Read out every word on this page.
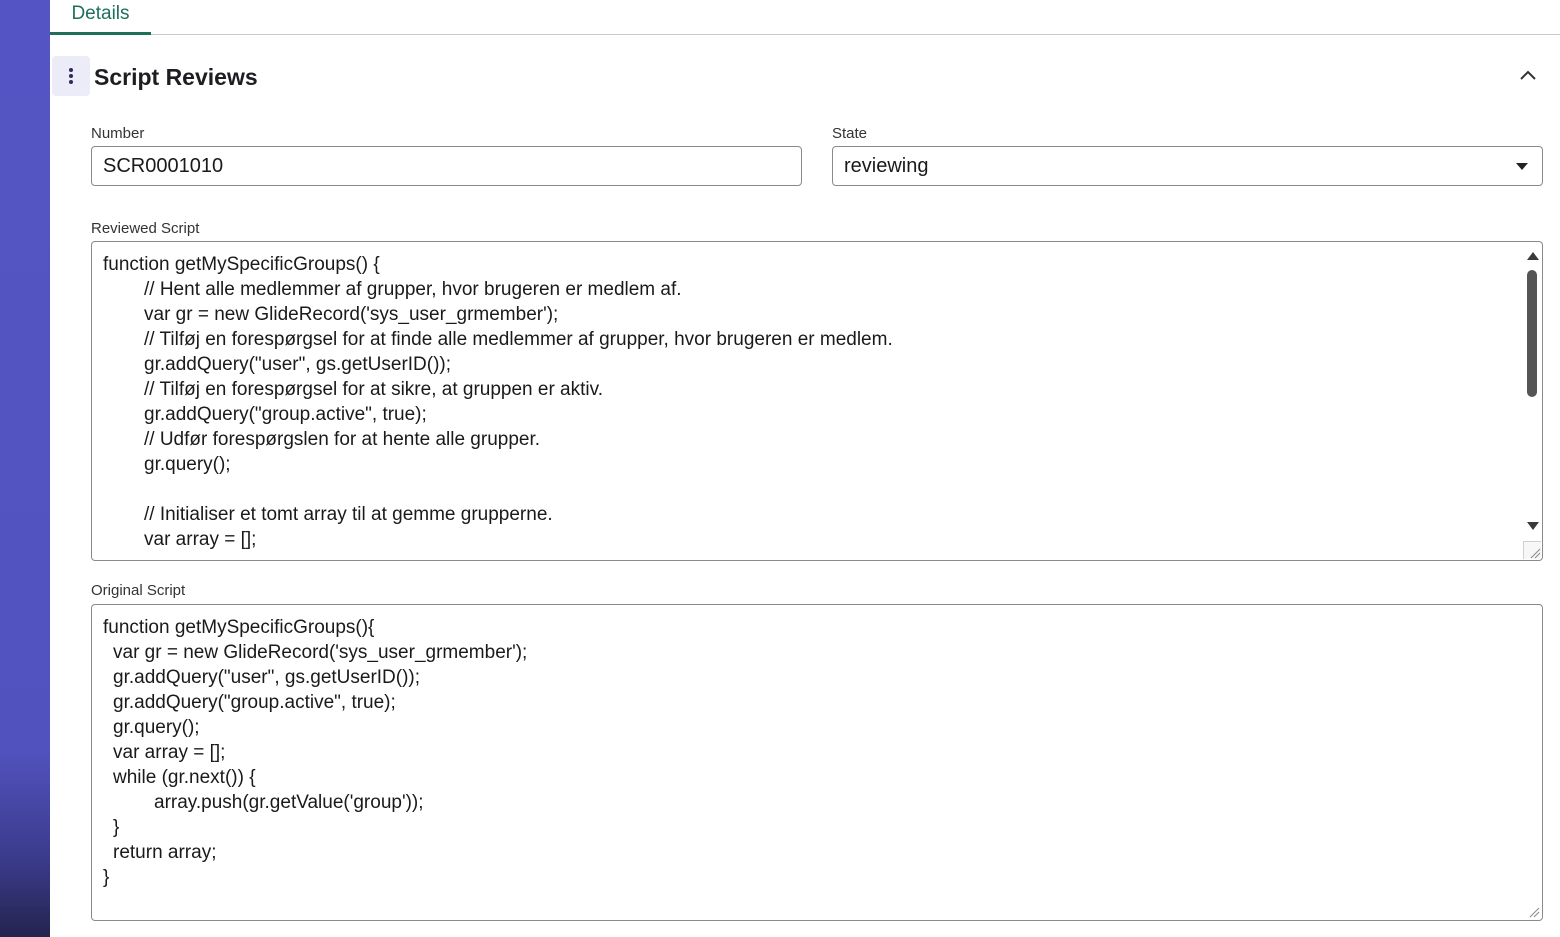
Details
Script Reviews
Number
SCR0001010	State
reviewing
Reviewed Script
function getMySpecificGroups() {
// Hent alle medlemmer af grupper, hvor brugeren er medlem af.
var gr = new GlideRecord('sys_user_grmember');
// Tilføj en forespørgsel for at finde alle medlemmer af grupper, hvor brugeren er medlem.
gr.addQuery("user", gs.getUserID());
// Tilføj en forespørgsel for at sikre, at gruppen er aktiv.
gr.addQuery("group.active", true);
// Udfør forespørgslen for at hente alle grupper.
gr.query();
// Initialiser et tomt array til at gemme grupperne.
var array = [];
Original Script
function getMySpecificGroups(){
var gr = new GlideRecord('sys_user_grmember');
gr.addQuery("user", gs.getUserID());
gr.addQuery("group.active", true);
gr.query();
var array = [];
while (gr.next()) {
array.push(gr.getValue('group'));
}
return array;
}
